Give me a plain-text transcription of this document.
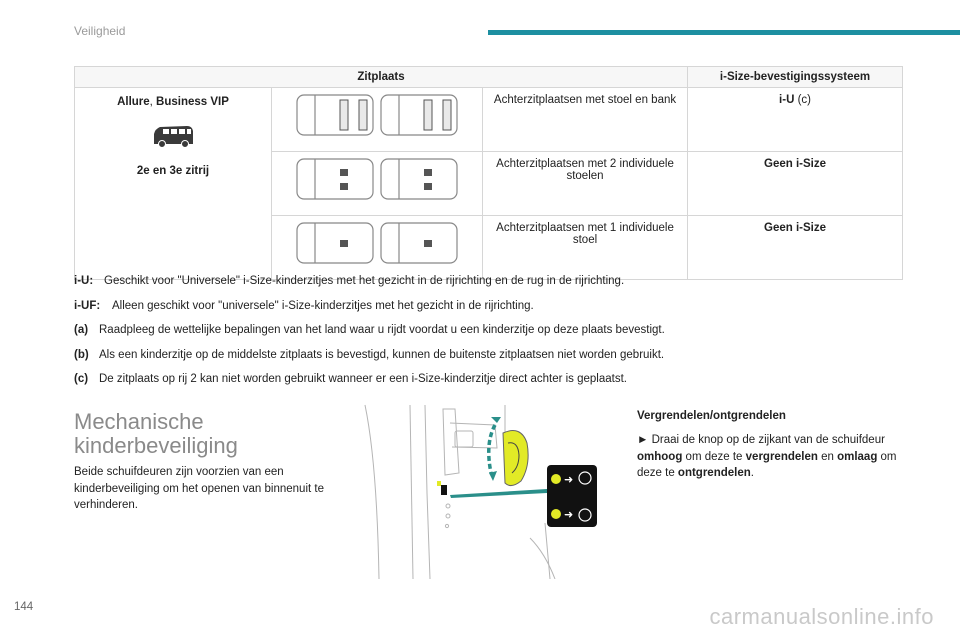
Veiligheid
Zitplaats			i-Size-bevestigingssysteem

Allure, Business VIP
2e en 3e zitrij		Achterzitplaatsen met stoel en bank	i-U (c)
	Achterzitplaatsen met 2 individuele stoelen	Geen i-Size
	Achterzitplaatsen met 1 individuele stoel	Geen i-Size
i-U: Geschikt voor "Universele" i-Size-kinderzitjes met het gezicht in de rijrichting en de rug in de rijrichting.
i-UF: Alleen geschikt voor "universele" i-Size-kinderzitjes met het gezicht in de rijrichting.
(a) Raadpleeg de wettelijke bepalingen van het land waar u rijdt voordat u een kinderzitje op deze plaats bevestigt.
(b) Als een kinderzitje op de middelste zitplaats is bevestigd, kunnen de buitenste zitplaatsen niet worden gebruikt.
(c) De zitplaats op rij 2 kan niet worden gebruikt wanneer er een i-Size-kinderzitje direct achter is geplaatst.
Mechanische kinderbeveiliging
Beide schuifdeuren zijn voorzien van een kinderbeveiliging om het openen van binnenuit te verhinderen.
➜
➜
Vergrendelen/ontgrendelen
► Draai de knop op de zijkant van de schuifdeur omhoog om deze te vergrendelen en omlaag om deze te ontgrendelen.
144	carmanualsonline.info
